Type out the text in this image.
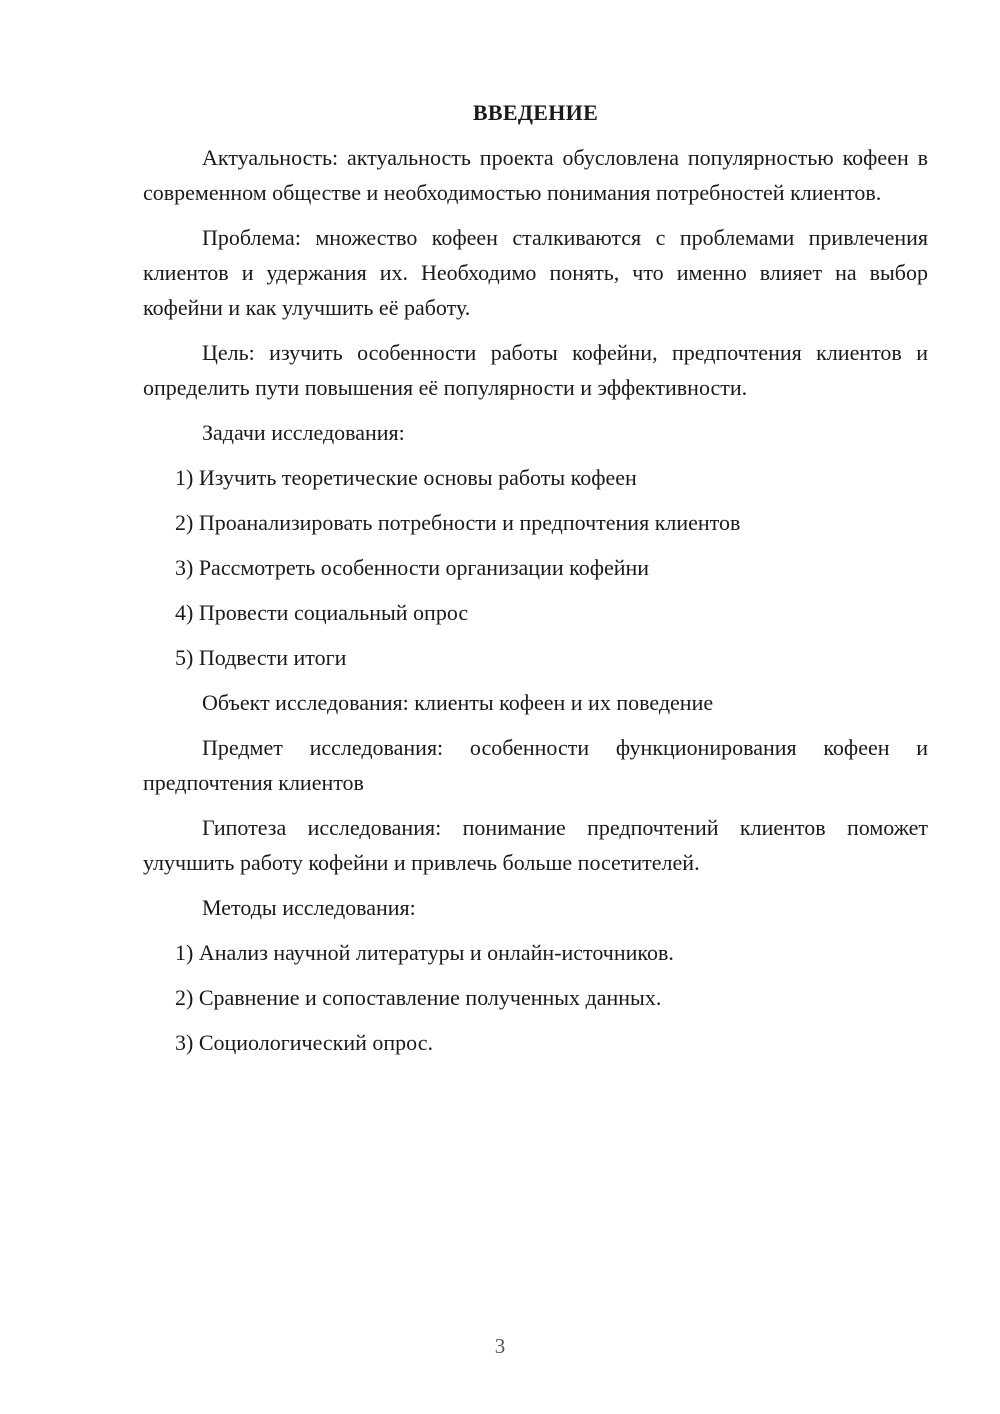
ВВЕДЕНИЕ

Актуальность: актуальность проекта обусловлена популярностью кофеен в современном обществе и необходимостью понимания потребностей клиентов.

Проблема: множество кофеен сталкиваются с проблемами привлечения клиентов и удержания их. Необходимо понять, что именно влияет на выбор кофейни и как улучшить её работу.

Цель: изучить особенности работы кофейни, предпочтения клиентов и определить пути повышения её популярности и эффективности.

Задачи исследования:

1) Изучить теоретические основы работы кофеен

2) Проанализировать потребности и предпочтения клиентов

3) Рассмотреть особенности организации кофейни

4) Провести социальный опрос

5) Подвести итоги

Объект исследования: клиенты кофеен и их поведение

Предмет исследования: особенности функционирования кофеен и предпочтения клиентов

Гипотеза исследования: понимание предпочтений клиентов поможет улучшить работу кофейни и привлечь больше посетителей.

Методы исследования:

1) Анализ научной литературы и онлайн-источников.

2) Сравнение и сопоставление полученных данных.

3) Социологический опрос.

3
